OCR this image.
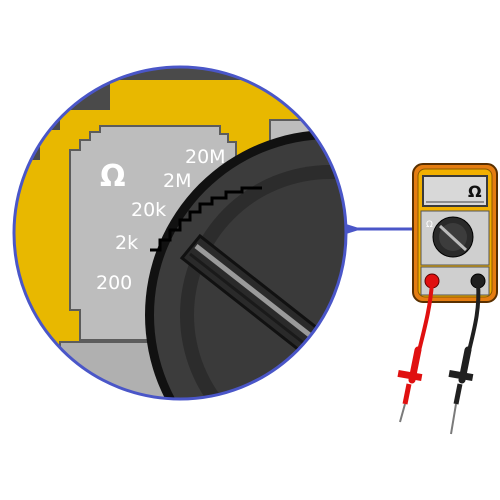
Ω
20M
2M
20k
2k
200
Ω
Ω
